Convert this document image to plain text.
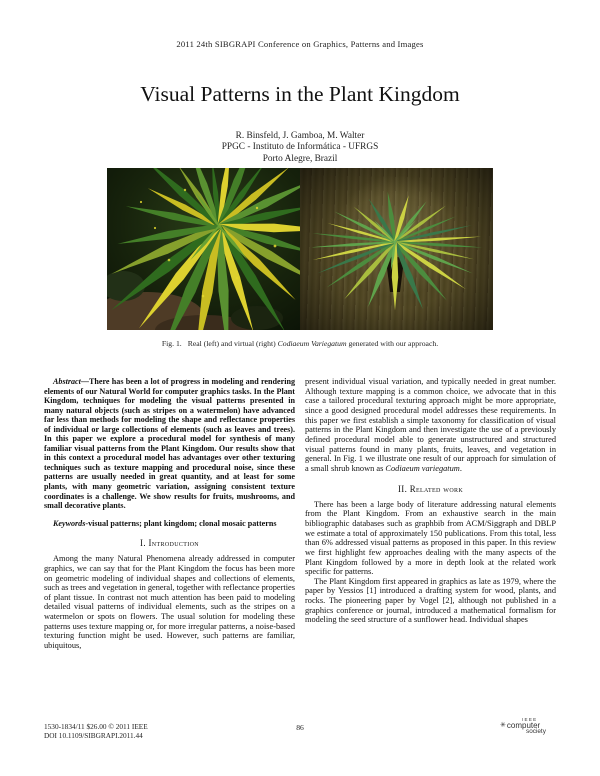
2011 24th SIBGRAPI Conference on Graphics, Patterns and Images
Visual Patterns in the Plant Kingdom
R. Binsfeld, J. Gamboa, M. Walter
PPGC - Instituto de Informática - UFRGS
Porto Alegre, Brazil
Fig. 1. Real (left) and virtual (right) Codiaeum Variegatum generated with our approach.

Abstract—There has been a lot of progress in modeling and rendering elements of our Natural World for computer graphics tasks. In the Plant Kingdom, techniques for modeling the visual patterns presented in many natural objects (such as stripes on a watermelon) have advanced far less than methods for modeling the shape and reflectance properties of individual or large collections of elements (such as leaves and trees). In this paper we explore a procedural model for synthesis of many familiar visual patterns from the Plant Kingdom. Our results show that in this context a procedural model has advantages over other texturing techniques such as texture mapping and procedural noise, since these patterns are usually needed in great quantity, and at least for some plants, with many geometric variation, assigning consistent texture coordinates is a challenge. We show results for fruits, mushrooms, and small decorative plants.

Keywords-visual patterns; plant kingdom; clonal mosaic patterns

I. Introduction

Among the many Natural Phenomena already addressed in computer graphics, we can say that for the Plant Kingdom the focus has been more on geometric modeling of individual shapes and collections of elements, such as trees and vegetation in general, together with reflectance properties of plant tissue. In contrast not much attention has been paid to modeling detailed visual patterns of individual elements, such as the stripes on a watermelon or spots on flowers. The usual solution for modeling these patterns uses texture mapping or, for more irregular patterns, a noise-based texturing function might be used. However, such patterns are familiar, ubiquitous,

present individual visual variation, and typically needed in great number. Although texture mapping is a common choice, we advocate that in this case a tailored procedural texturing approach might be more appropriate, since a good designed procedural model addresses these requirements. In this paper we first establish a simple taxonomy for classification of visual patterns in the Plant Kingdom and then investigate the use of a previously defined procedural model able to generate unstructured and structured visual patterns found in many plants, fruits, leaves, and vegetation in general. In Fig. 1 we illustrate one result of our approach for simulation of a small shrub known as Codiaeum variegatum.

II. Related work

There has been a large body of literature addressing natural elements from the Plant Kingdom. From an exhaustive search in the main bibliographic databases such as graphbib from ACM/Siggraph and DBLP we estimate a total of approximately 150 publications. From this total, less than 6% addressed visual patterns as proposed in this paper. In this review we first highlight few approaches dealing with the many aspects of the Plant Kingdom followed by a more in depth look at the related work specific for patterns.

The Plant Kingdom first appeared in graphics as late as 1979, where the paper by Yessios [1] introduced a drafting system for wood, plants, and rocks. The pioneering paper by Vogel [2], although not published in a graphics conference or journal, introduced a mathematical formalism for modeling the seed structure of a sunflower head. Individual shapes

1530-1834/11 $26.00 © 2011 IEEE
DOI 10.1109/SIBGRAPI.2011.44
86
IEEE
✳ computer
society
